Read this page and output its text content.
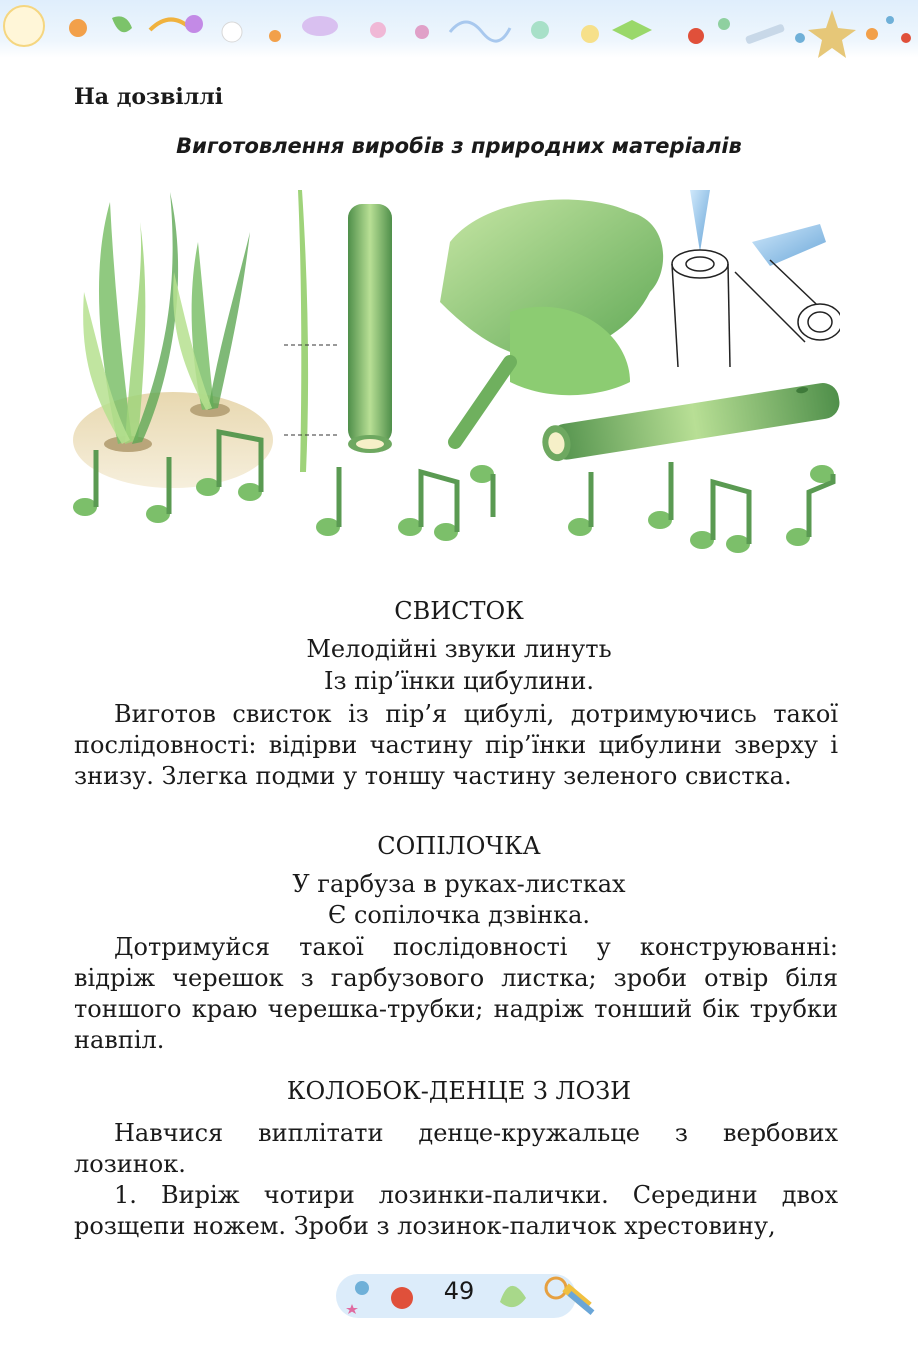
На дозвіллі
Виготовлення виробів з природних матеріалів
СВИСТОК
Мелодійні звуки линуть
Із пір’їнки цибулини.

Виготов свисток із пір’я цибулі, дотримуючись такої послідовності: відірви частину пір’їнки цибулини зверху і знизу. Злегка подми у тоншу частину зеленого свистка.

СОПІЛОЧКА
У гарбуза в руках-листках
Є сопілочка дзвінка.

Дотримуйся такої послідовності у конструюванні: відріж черешок з гарбузового листка; зроби отвір біля тоншого краю черешка-трубки; надріж тонший бік трубки навпіл.

КОЛОБОК-ДЕНЦЕ З ЛОЗИ

Навчися виплітати денце-кружальце з вербових лозинок.

1. Виріж чотири лозинки-палички. Середини двох розщепи ножем. Зроби з лозинок-паличок хрестовину,

49
